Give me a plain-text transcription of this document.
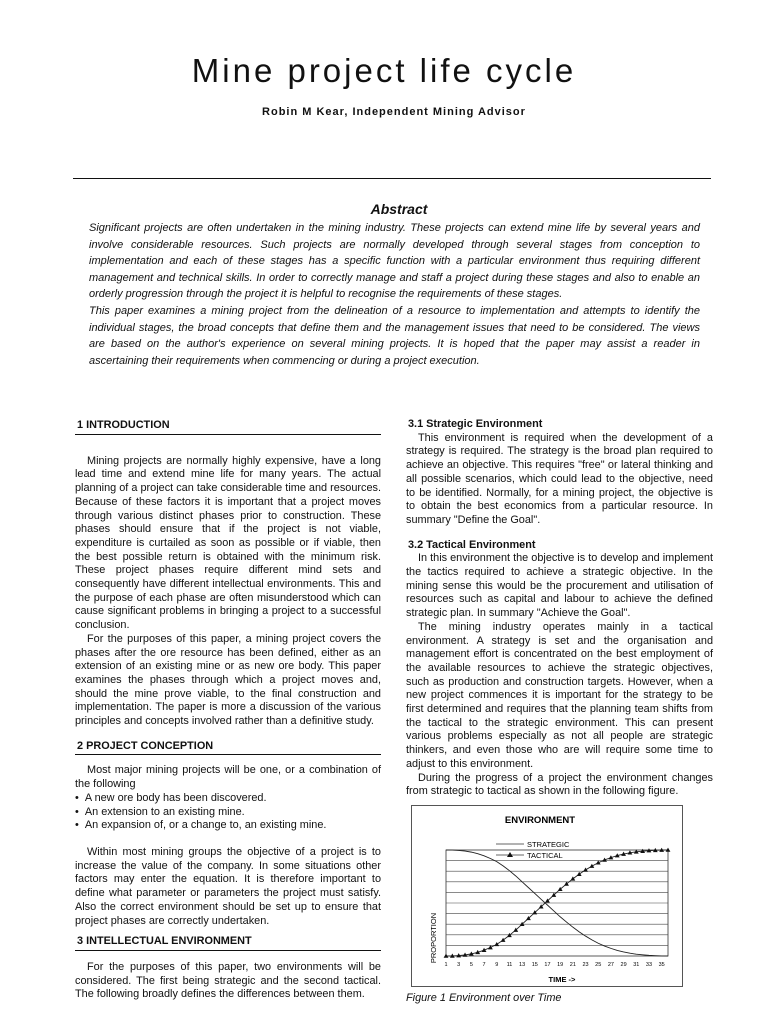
Mine project life cycle
Robin M Kear, Independent Mining Advisor
Abstract

Significant projects are often undertaken in the mining industry. These projects can extend mine life by several years and involve considerable resources. Such projects are normally developed through several stages from conception to implementation and each of these stages has a specific function with a particular environment thus requiring different management and technical skills. In order to correctly manage and staff a project during these stages and also to enable an orderly progression through the project it is helpful to recognise the requirements of these stages.

This paper examines a mining project from the delineation of a resource to implementation and attempts to identify the individual stages, the broad concepts that define them and the management issues that need to be considered. The views are based on the author's experience on several mining projects. It is hoped that the paper may assist a reader in ascertaining their requirements when commencing or during a project execution.

1 INTRODUCTION

Mining projects are normally highly expensive, have a long lead time and extend mine life for many years. The actual planning of a project can take considerable time and resources. Because of these factors it is important that a project moves through various distinct phases prior to construction. These phases should ensure that if the project is not viable, expenditure is curtailed as soon as possible or if viable, then the best possible return is obtained with the minimum risk. These project phases require different mind sets and consequently have different intellectual environments. This and the purpose of each phase are often misunderstood which can cause significant problems in bringing a project to a successful conclusion.

For the purposes of this paper, a mining project covers the phases after the ore resource has been defined, either as an extension of an existing mine or as new ore body. This paper examines the phases through which a project moves and, should the mine prove viable, to the final construction and implementation. The paper is more a discussion of the various principles and concepts involved rather than a definitive study.

2 PROJECT CONCEPTION

Most major mining projects will be one, or a combination of the following

•  A new ore body has been discovered.
•  An extension to an existing mine.
•  An expansion of, or a change to, an existing mine.

Within most mining groups the objective of a project is to increase the value of the company. In some situations other factors may enter the equation. It is therefore important to define what parameter or parameters the project must satisfy. Also the correct environment should be set up to ensure that project phases are correctly undertaken.

3 INTELLECTUAL ENVIRONMENT

For the purposes of this paper, two environments will be considered. The first being strategic and the second tactical. The following broadly defines the differences between them.

3.1 Strategic Environment

This environment is required when the development of a strategy is required. The strategy is the broad plan required to achieve an objective. This requires "free" or lateral thinking and all possible scenarios, which could lead to the objective, need to be identified. Normally, for a mining project, the objective is to obtain the best economics from a particular resource. In summary "Define the Goal".

3.2 Tactical Environment

In this environment the objective is to develop and implement the tactics required to achieve a strategic objective. In the mining sense this would be the procurement and utilisation of resources such as capital and labour to achieve the defined strategic plan. In summary "Achieve the Goal".

The mining industry operates mainly in a tactical environment. A strategy is set and the organisation and management effort is concentrated on the best employment of the available resources to achieve the strategic objectives, such as production and construction targets. However, when a new project commences it is important for the strategy to be first determined and requires that the planning team shifts from the tactical to the strategic environment. This can present various problems especially as not all people are strategic thinkers, and even those who are will require some time to adjust to this environment.

During the progress of a project the environment changes from strategic to tactical as shown in the following figure.

ENVIRONMENT
STRATEGIC
TACTICAL
1 3 5 7 9 11 13 15 17 19 21 23 25 27 29 31 33 35
PROPORTION
TIME ->
Figure 1 Environment over Time
